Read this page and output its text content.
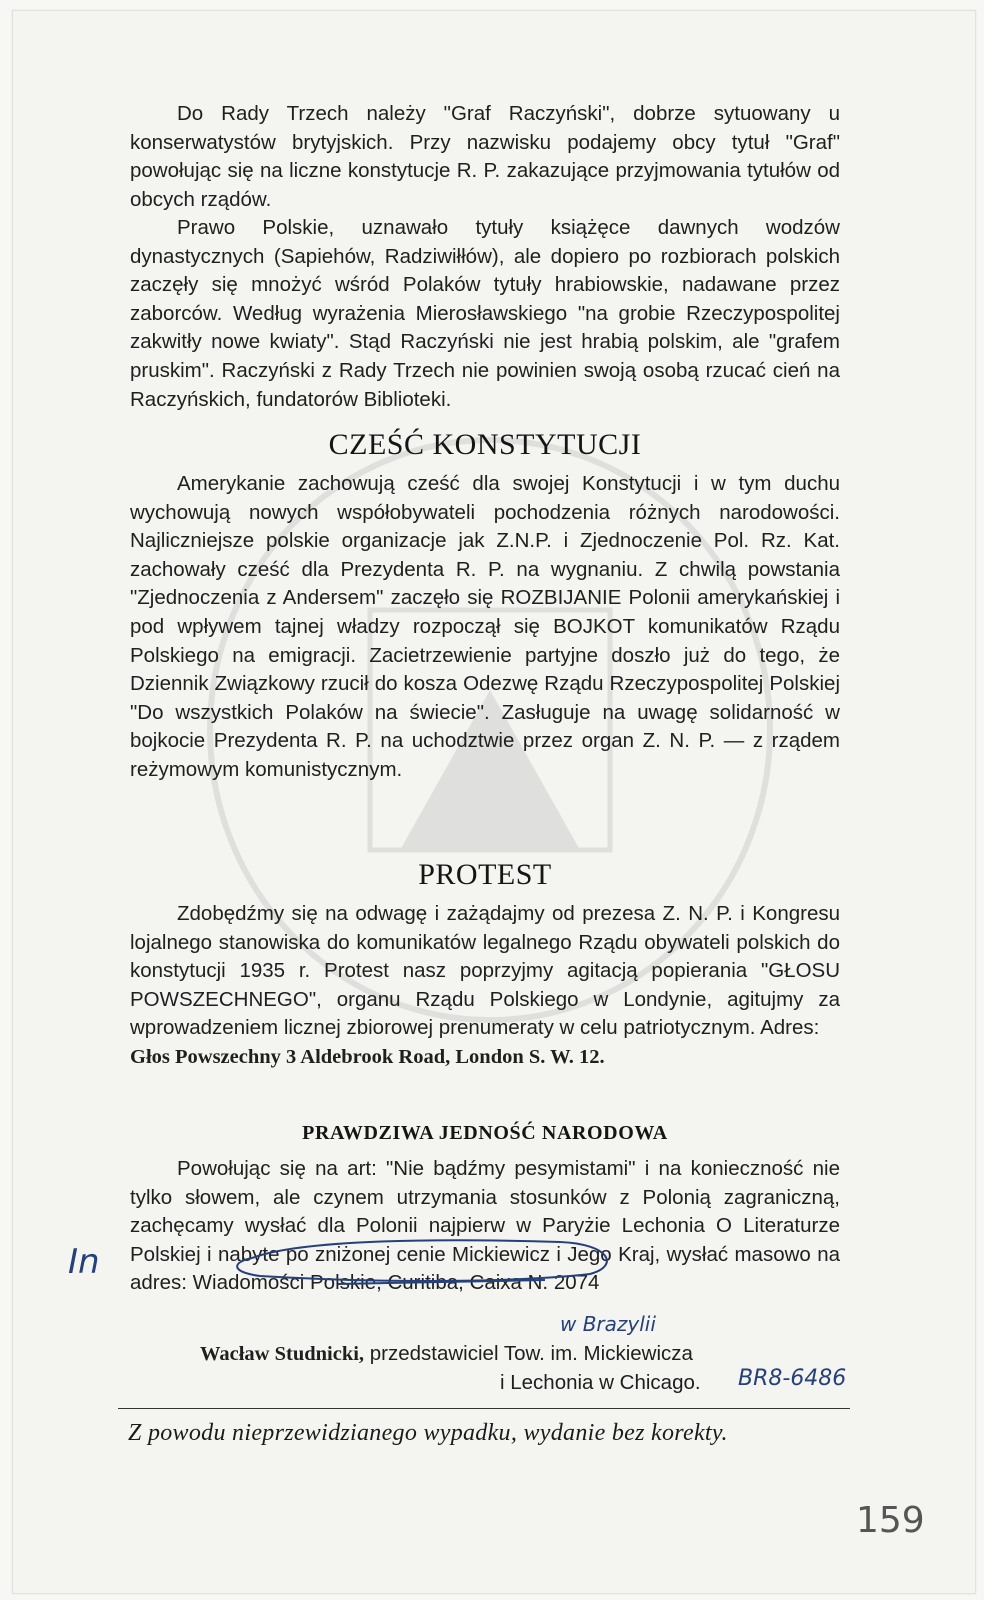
Do Rady Trzech należy "Graf Raczyński", dobrze sytuowany u konserwatystów brytyjskich. Przy nazwisku podajemy obcy tytuł "Graf" powołując się na liczne konstytucje R. P. zakazujące przyjmowania tytułów od obcych rządów.

Prawo Polskie, uznawało tytuły książęce dawnych wodzów dynastycznych (Sapiehów, Radziwiłłów), ale dopiero po rozbiorach polskich zaczęły się mnożyć wśród Polaków tytuły hrabiowskie, nadawane przez zaborców. Według wyrażenia Mierosławskiego "na grobie Rzeczypospolitej zakwitły nowe kwiaty". Stąd Raczyński nie jest hrabią polskim, ale "grafem pruskim". Raczyński z Rady Trzech nie powinien swoją osobą rzucać cień na Raczyńskich, fundatorów Biblioteki.

CZEŚĆ KONSTYTUCJI

Amerykanie zachowują cześć dla swojej Konstytucji i w tym duchu wychowują nowych współobywateli pochodzenia różnych narodowości. Najliczniejsze polskie organizacje jak Z.N.P. i Zjednoczenie Pol. Rz. Kat. zachowały cześć dla Prezydenta R. P. na wygnaniu. Z chwilą powstania "Zjednoczenia z Andersem" zaczęło się ROZBIJANIE Polonii amerykańskiej i pod wpływem tajnej władzy rozpoczął się BOJKOT komunikatów Rządu Polskiego na emigracji. Zacietrzewienie partyjne doszło już do tego, że Dziennik Związkowy rzucił do kosza Odezwę Rządu Rzeczypospolitej Polskiej "Do wszystkich Polaków na świecie". Zasługuje na uwagę solidarność w bojkocie Prezydenta R. P. na uchodztwie przez organ Z. N. P. — z rządem reżymowym komunistycznym.

PROTEST

Zdobędźmy się na odwagę i zażądajmy od prezesa Z. N. P. i Kongresu lojalnego stanowiska do komunikatów legalnego Rządu obywateli polskich do konstytucji 1935 r. Protest nasz poprzyjmy agitacją popierania "GŁOSU POWSZECHNEGO", organu Rządu Polskiego w Londynie, agitujmy za wprowadzeniem licznej zbiorowej prenumeraty w celu patriotycznym. Adres:

Głos Powszechny 3 Aldebrook Road, London S. W. 12.

PRAWDZIWA JEDNOŚĆ NARODOWA

Powołując się na art: "Nie bądźmy pesymistami" i na konieczność nie tylko słowem, ale czynem utrzymania stosunków z Polonią zagraniczną, zachęcamy wysłać dla Polonii najpierw w Paryżie Lechonia O Literaturze Polskiej i nabyte po zniżonej cenie Mickiewicz i Jego Kraj, wysłać masowo na adres: Wiadomości Polskie, Curitiba, Caixa N. 2074

Wacław Studnicki, przedstawiciel Tow. im. Mickiewicza
i Lechonia w Chicago.
Z powodu nieprzewidzianego wypadku, wydanie bez korekty.
In
w Brazylii
BR8-6486
159
